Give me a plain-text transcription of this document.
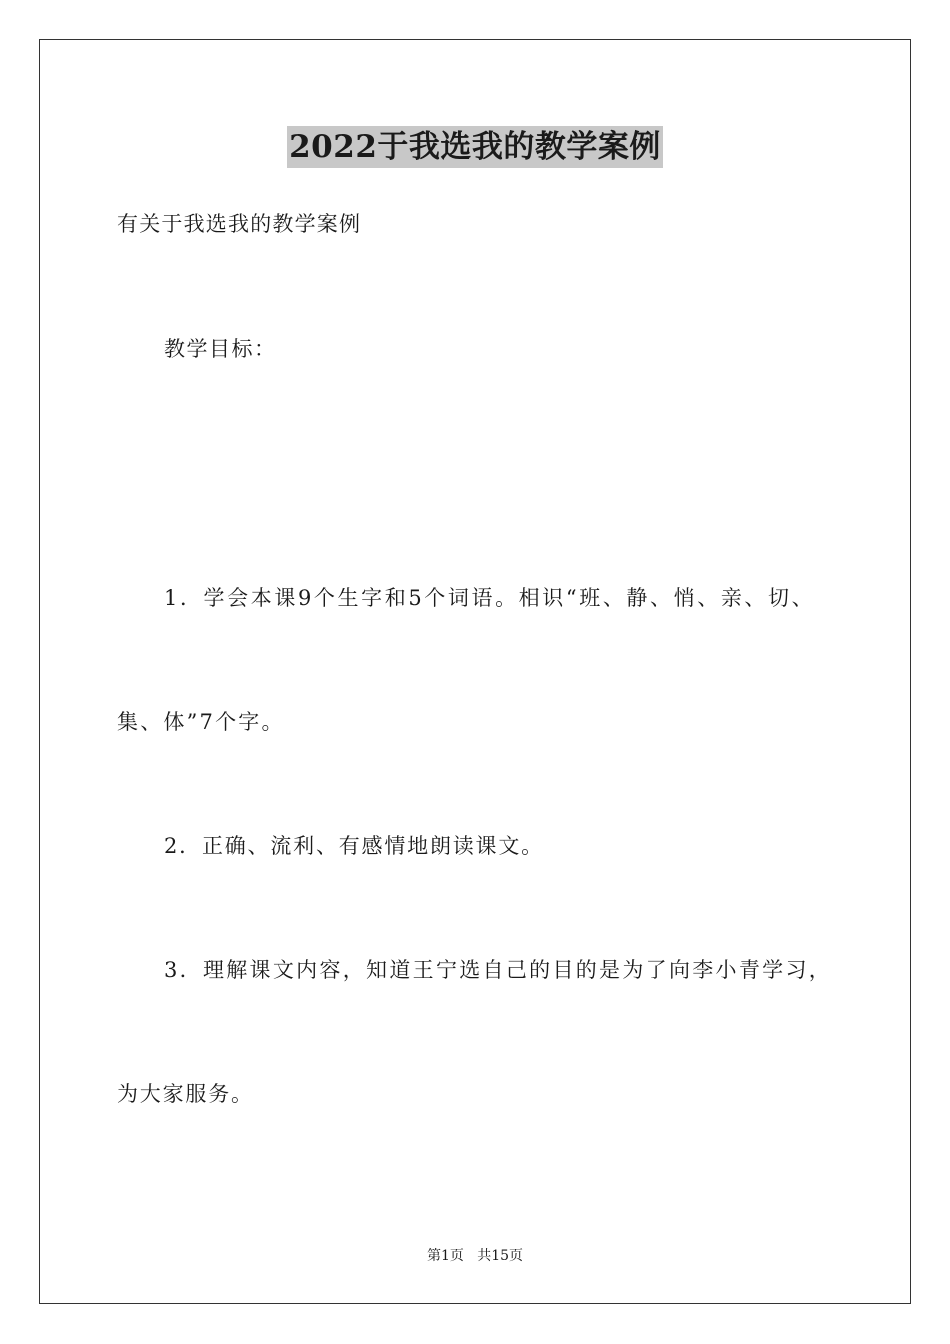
2022于我选我的教学案例
有关于我选我的教学案例
教学目标：
1．学会本课9个生字和5个词语。相识“班、静、悄、亲、切、
集、体”7个字。
2．正确、流利、有感情地朗读课文。
3．理解课文内容，知道王宁选自己的目的是为了向李小青学习，
为大家服务。
第1页   共15页
